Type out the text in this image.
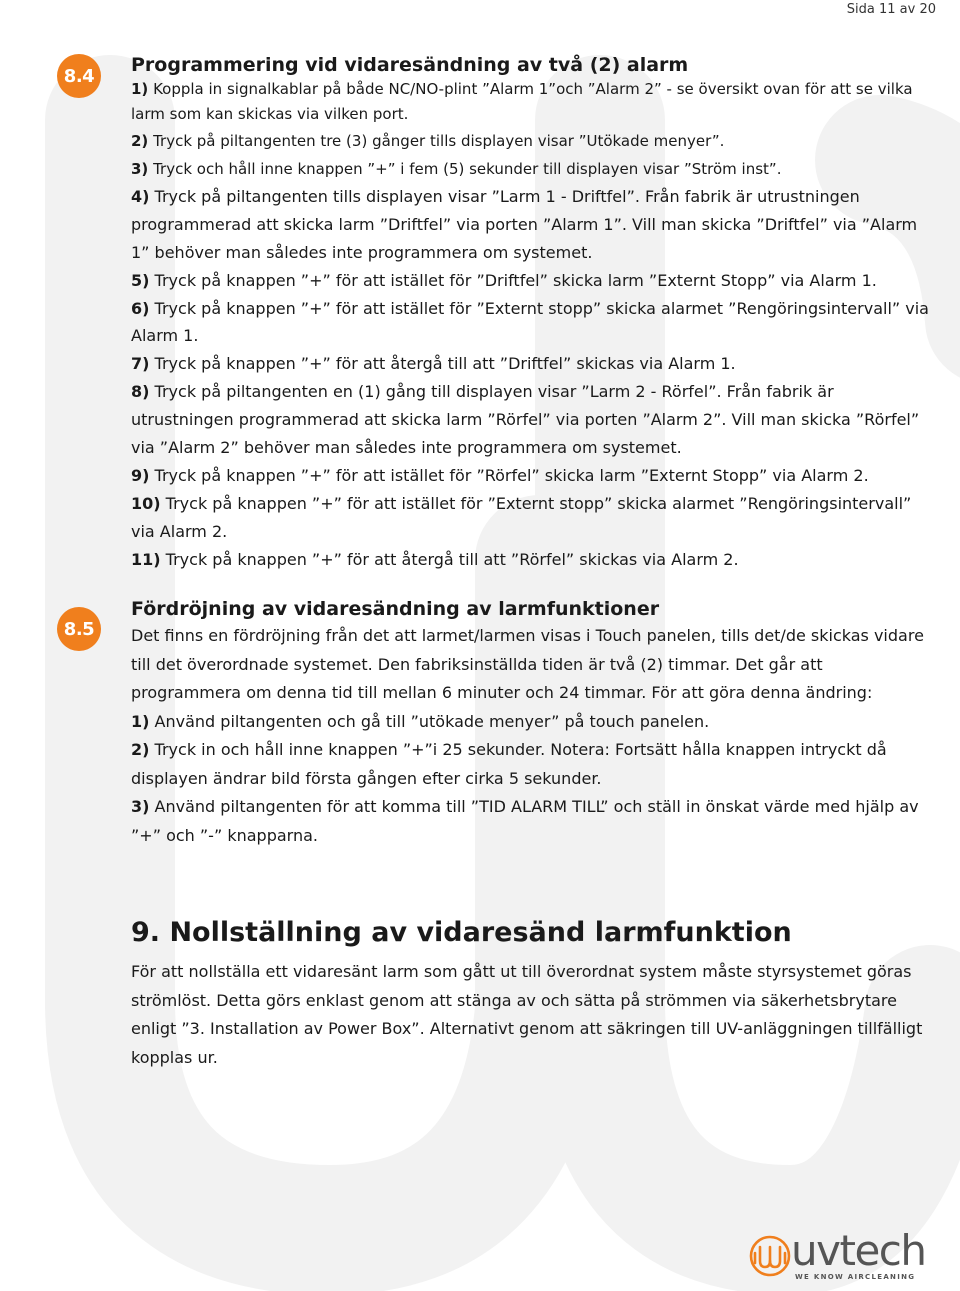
Sida 11 av 20
8.4	Programmering vid vidaresändning av två (2) alarm

1) Koppla in signalkablar på både NC/NO-plint ”Alarm 1”och ”Alarm 2” - se översikt ovan för att se vilka larm som kan skickas via vilken port.

2) Tryck på piltangenten tre (3) gånger tills displayen visar ”Utökade menyer”.

3) Tryck och håll inne knappen ”+” i fem (5) sekunder till displayen visar ”Ström inst”.

4) Tryck på piltangenten tills displayen visar ”Larm 1 - Driftfel”. Från fabrik är utrustningen programmerad att skicka larm ”Driftfel” via porten ”Alarm 1”. Vill man skicka ”Driftfel” via ”Alarm 1” behöver man således inte programmera om systemet.

5) Tryck på knappen ”+” för att istället för ”Driftfel” skicka larm ”Externt Stopp” via Alarm 1.

6) Tryck på knappen ”+” för att istället för ”Externt stopp” skicka alarmet ”Rengöringsintervall” via Alarm 1.

7) Tryck på knappen ”+” för att återgå till att ”Driftfel” skickas via Alarm 1.

8) Tryck på piltangenten en (1) gång till displayen visar ”Larm 2 - Rörfel”. Från fabrik är utrustningen programmerad att skicka larm ”Rörfel” via porten ”Alarm 2”. Vill man skicka ”Rörfel” via ”Alarm 2” behöver man således inte programmera om systemet.

9) Tryck på knappen ”+” för att istället för ”Rörfel” skicka larm ”Externt Stopp” via Alarm 2.

10) Tryck på knappen ”+” för att istället för ”Externt stopp” skicka alarmet ”Rengöringsintervall” via Alarm 2.

11) Tryck på knappen ”+” för att återgå till att ”Rörfel” skickas via Alarm 2.

8.5
Fördröjning av vidaresändning av larmfunktioner

Det finns en fördröjning från det att larmet/larmen visas i Touch panelen, tills det/de skickas vidare till det överordnade systemet. Den fabriksinställda tiden är två (2) timmar. Det går att programmera om denna tid till mellan 6 minuter och 24 timmar. För att göra denna ändring:

1) Använd piltangenten och gå till ”utökade menyer” på touch panelen.

2) Tryck in och håll inne knappen ”+”i 25 sekunder. Notera: Fortsätt hålla knappen intryckt då displayen ändrar bild första gången efter cirka 5 sekunder.

3) Använd piltangenten för att komma till ”TID ALARM TILL” och ställ in önskat värde med hjälp av ”+” och ”-” knapparna.

9. Nollställning av vidaresänd larmfunktion

För att nollställa ett vidaresänt larm som gått ut till överordnat system måste styrsystemet göras strömlöst. Detta görs enklast genom att stänga av och sätta på strömmen via säkerhetsbrytare enligt ”3. Installation av Power Box”. Alternativt genom att säkringen till UV-anläggningen tillfälligt kopplas ur.

uvtech
WE KNOW AIRCLEANING
